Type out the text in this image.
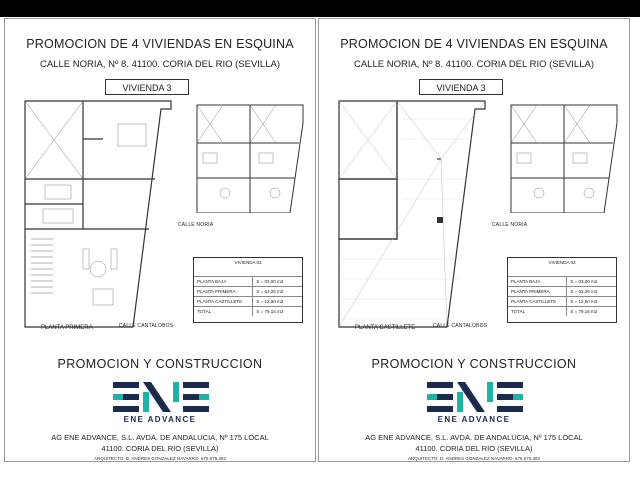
PROMOCION DE 4 VIVIENDAS EN ESQUINA
CALLE NORIA, Nº 8. 41100. CORIA DEL RIO (SEVILLA)
VIVIENDA 3
CALLE NORIA
VIVIENDA 03
PLANTA BAJA	S = 03,00 m2
PLANTA PRIMERA	S = 63,25 m2
PLANTA CASTILLETE	S = 12,90 m2
TOTAL	S = 79,15 m2
CALLE CANTALOBOS
PLANTA PRIMERA
PROMOCION Y CONSTRUCCION
ENE ADVANCE
AG ENE ADVANCE, S.L. AVDA. DE ANDALUCIA, Nº 175 LOCAL
41100. CORIA DEL RIO (SEVILLA)
ARQUITECTO: D. ANDRES GONZALEZ NAVARRO. 678.575.382
PROMOCION DE 4 VIVIENDAS EN ESQUINA
CALLE NORIA, Nº 8. 41100. CORIA DEL RIO (SEVILLA)
VIVIENDA 3
CALLE NORIA
VIVIENDA 03
PLANTA BAJA	S = 03,00 m2
PLANTA PRIMERA	S = 63,25 m2
PLANTA CASTILLETE	S = 12,90 m2
TOTAL	S = 79,15 m2
CALLE CANTALOBOS
PLANTA CASTILLETE
PROMOCION Y CONSTRUCCION
ENE ADVANCE
AG ENE ADVANCE, S.L. AVDA. DE ANDALUCIA, Nº 175 LOCAL
41100. CORIA DEL RIO (SEVILLA)
ARQUITECTO: D. ANDRES GONZALEZ NAVARRO. 678.575.382
